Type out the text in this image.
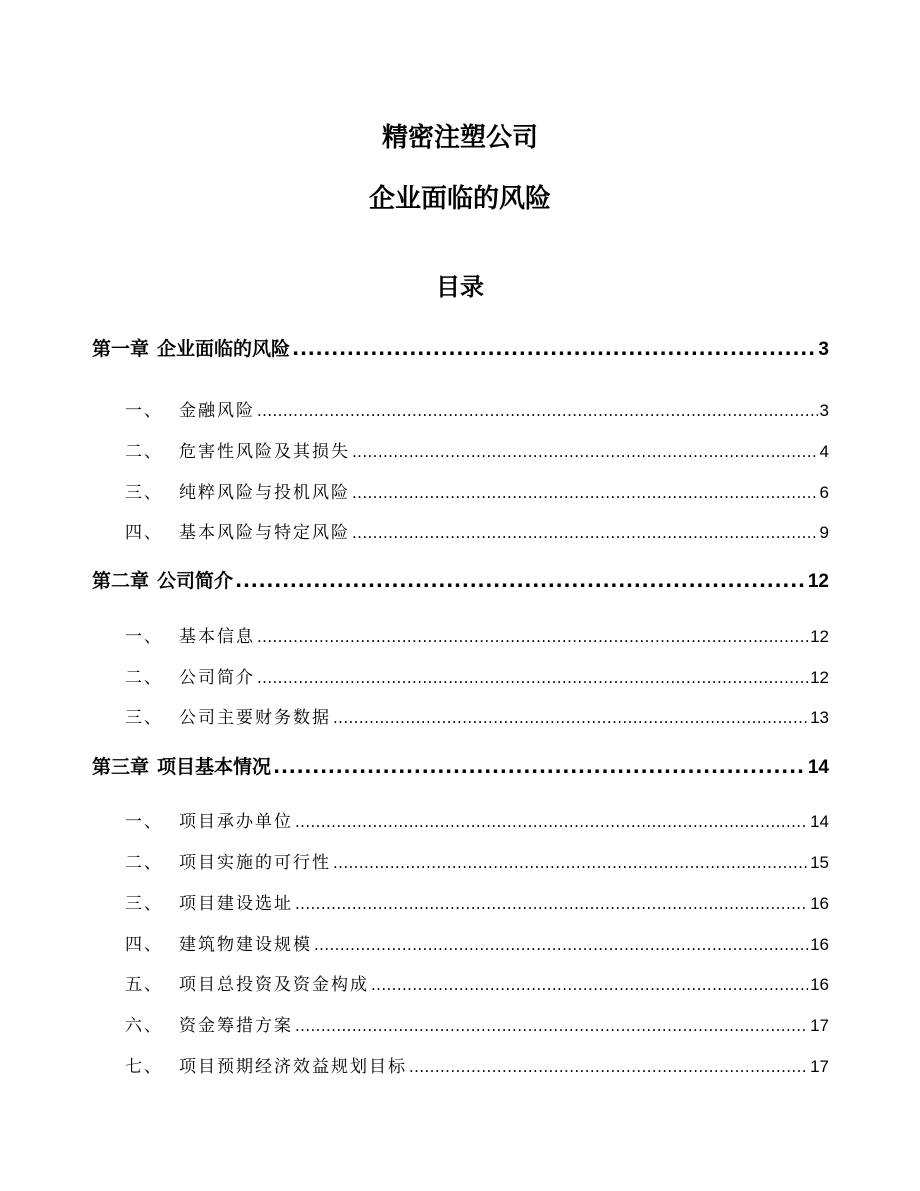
精密注塑公司
企业面临的风险
目录
第一章 企业面临的风险 .....	3
一、 金融风险 .....	3
二、 危害性风险及其损失 .....	4
三、 纯粹风险与投机风险 .....	6
四、 基本风险与特定风险 .....	9
第二章 公司简介 .....	12
一、 基本信息 .....	12
二、 公司简介 .....	12
三、 公司主要财务数据 .....	13
第三章 项目基本情况 .....	14
一、 项目承办单位 .....	14
二、 项目实施的可行性 .....	15
三、 项目建设选址 .....	16
四、 建筑物建设规模 .....	16
五、 项目总投资及资金构成 .....	16
六、 资金筹措方案 .....	17
七、 项目预期经济效益规划目标 .....	17
